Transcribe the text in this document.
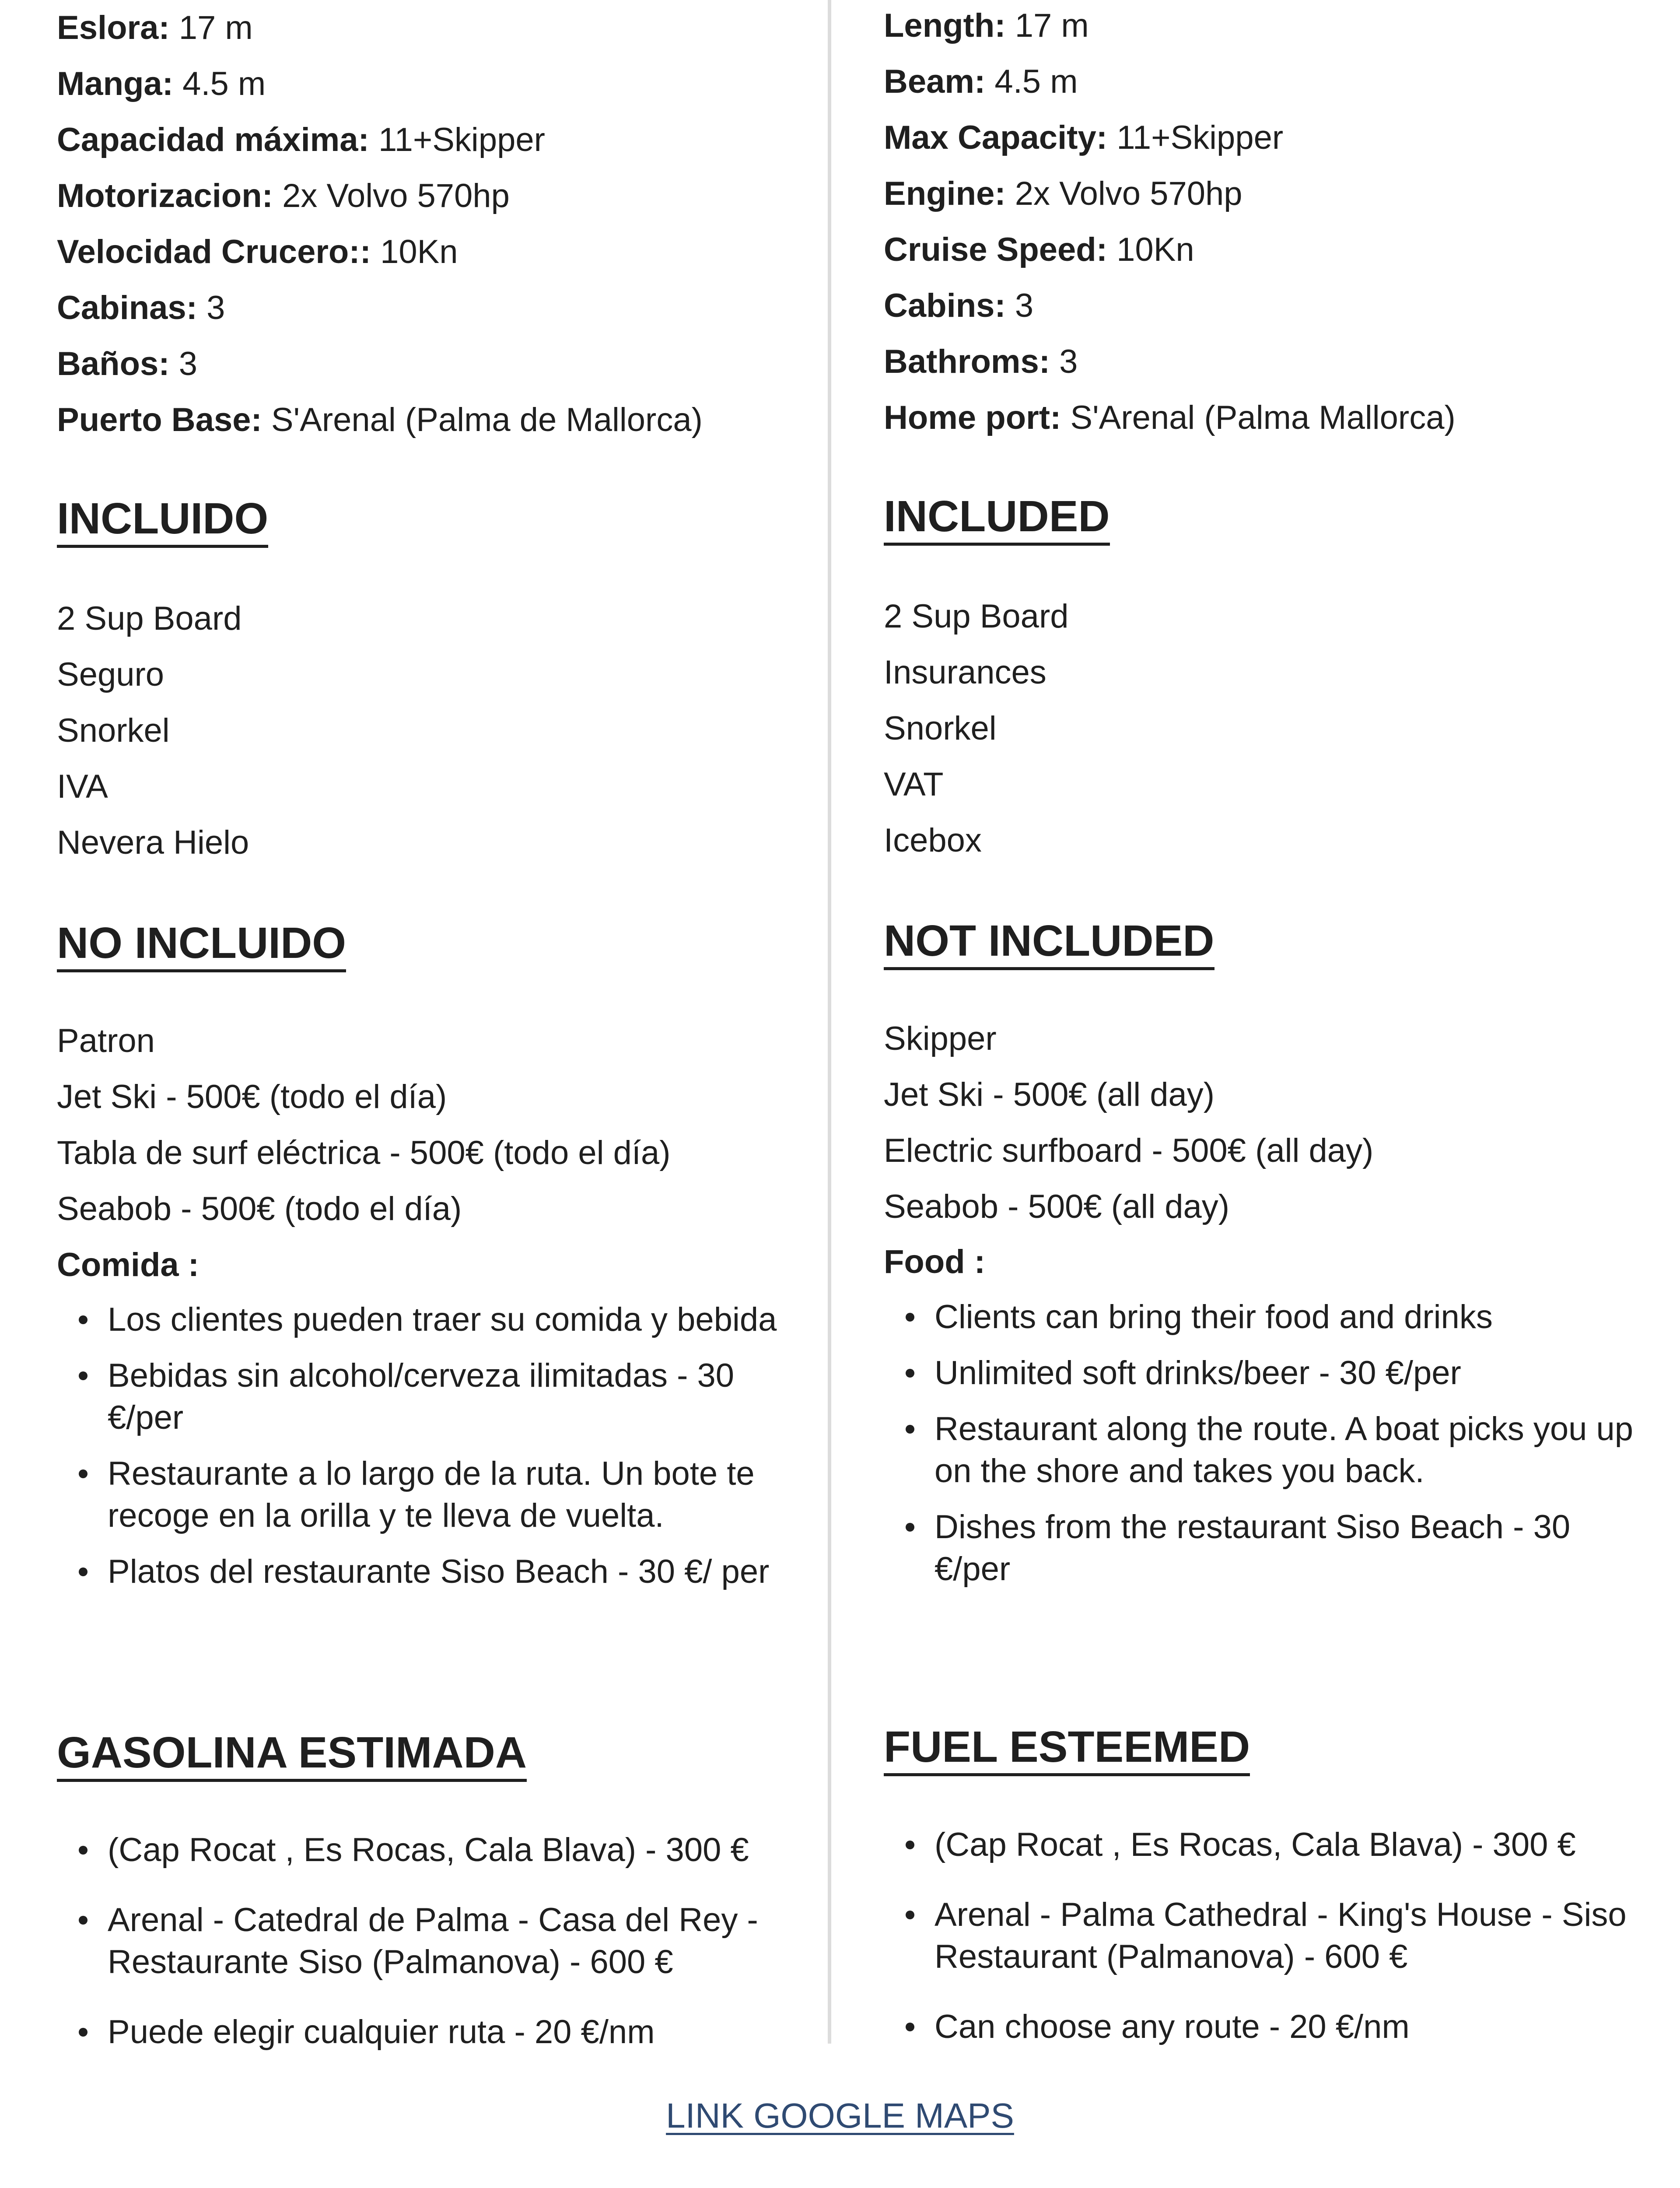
Eslora: 17 m
Manga: 4.5 m
Capacidad máxima: 11+Skipper
Motorizacion: 2x Volvo 570hp
Velocidad Crucero:: 10Kn
Cabinas: 3
Baños: 3
Puerto Base: S'Arenal (Palma de Mallorca)
INCLUIDO
2 Sup Board
Seguro
Snorkel
IVA
Nevera Hielo
NO INCLUIDO
Patron
Jet Ski - 500€ (todo el día)
Tabla de surf eléctrica - 500€ (todo el día)
Seabob - 500€ (todo el día)
Comida :
Los clientes pueden traer su comida y bebida
Bebidas sin alcohol/cerveza ilimitadas - 30 €/per
Restaurante a lo largo de la ruta. Un bote te recoge en la orilla y te lleva de vuelta.
Platos del restaurante Siso Beach - 30 €/ per
GASOLINA ESTIMADA
(Cap Rocat , Es Rocas, Cala Blava) - 300 €
Arenal - Catedral de Palma - Casa del Rey - Restaurante Siso (Palmanova) - 600 €
Puede elegir cualquier ruta - 20 €/nm
Length: 17 m
Beam: 4.5 m
Max Capacity: 11+Skipper
Engine: 2x Volvo 570hp
Cruise Speed: 10Kn
Cabins: 3
Bathroms: 3
Home port: S'Arenal (Palma Mallorca)
INCLUDED
2 Sup Board
Insurances
Snorkel
VAT
Icebox
NOT INCLUDED
Skipper
Jet Ski - 500€ (all day)
Electric surfboard - 500€ (all day)
Seabob - 500€ (all day)
Food :
Clients can bring their food and drinks
Unlimited soft drinks/beer - 30 €/per
Restaurant along the route. A boat picks you up on the shore and takes you back.
Dishes from the restaurant Siso Beach - 30 €/per
FUEL ESTEEMED
(Cap Rocat , Es Rocas, Cala Blava) - 300 €
Arenal - Palma Cathedral - King's House - Siso Restaurant (Palmanova) - 600 €
Can choose any route - 20 €/nm
LINK GOOGLE MAPS
